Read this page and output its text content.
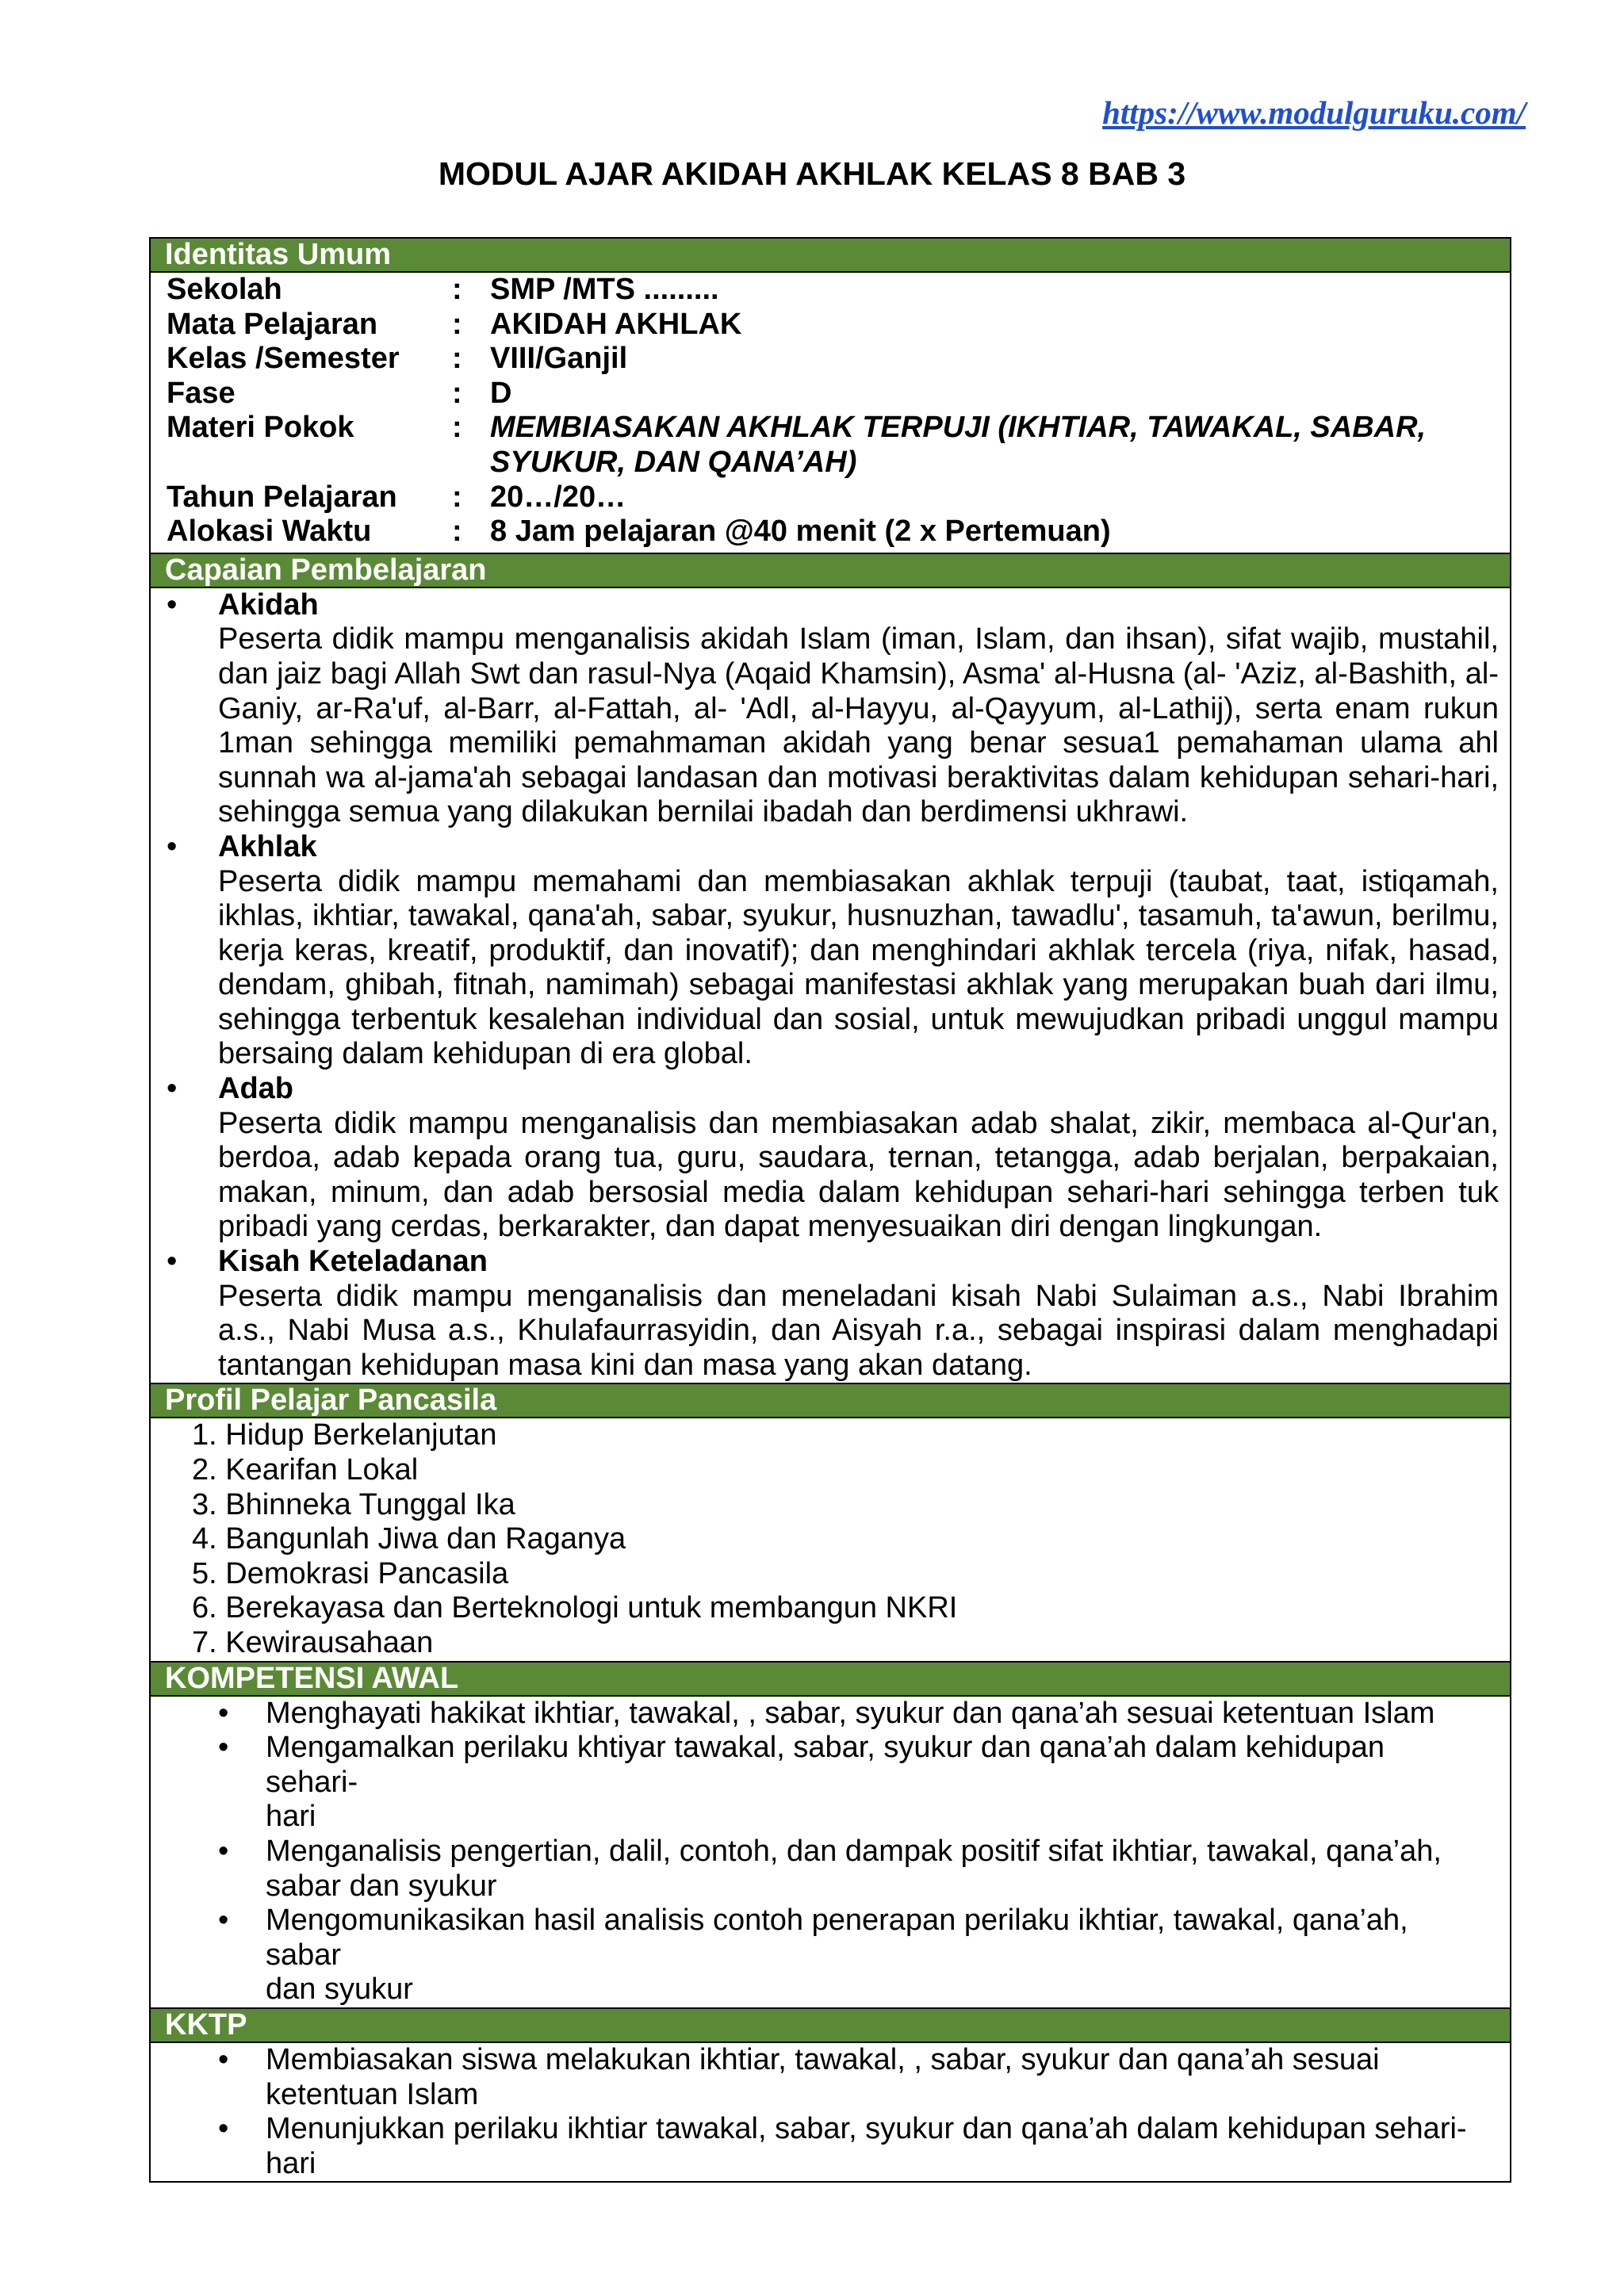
https://www.modulguruku.com/
MODUL AJAR AKIDAH AKHLAK KELAS 8 BAB 3
Identitas Umum
Sekolah	: SMP /MTS .........
Mata Pelajaran	: AKIDAH AKHLAK
Kelas /Semester	: VIII/Ganjil
Fase	: D
Materi Pokok	: MEMBIASAKAN AKHLAK TERPUJI (IKHTIAR, TAWAKAL, SABAR, SYUKUR, DAN QANA’AH)
Tahun Pelajaran	: 20…/20…
Alokasi Waktu	: 8 Jam pelajaran @40 menit (2 x Pertemuan)
Capaian Pembelajaran
• Akidah
Peserta didik mampu menganalisis akidah Islam (iman, Islam, dan ihsan), sifat wajib, mustahil, dan jaiz bagi Allah Swt dan rasul-Nya (Aqaid Khamsin), Asma' al-Husna (al- 'Aziz, al-Bashith, al- Ganiy, ar-Ra'uf, al-Barr, al-Fattah, al- 'Adl, al-Hayyu, al-Qayyum, al-Lathij), serta enam rukun 1man sehingga memiliki pemahmaman akidah yang benar sesua1 pemahaman ulama ahl sunnah wa al-jama'ah sebagai landasan dan motivasi beraktivitas dalam kehidupan sehari-hari, sehingga semua yang dilakukan bernilai ibadah dan berdimensi ukhrawi.
• Akhlak
Peserta didik mampu memahami dan membiasakan akhlak terpuji (taubat, taat, istiqamah, ikhlas, ikhtiar, tawakal, qana'ah, sabar, syukur, husnuzhan, tawadlu', tasamuh, ta'awun, berilmu, kerja keras, kreatif, produktif, dan inovatif); dan menghindari akhlak tercela (riya, nifak, hasad, dendam, ghibah, fitnah, namimah) sebagai manifestasi akhlak yang merupakan buah dari ilmu, sehingga terbentuk kesalehan individual dan sosial, untuk mewujudkan pribadi unggul mampu bersaing dalam kehidupan di era global.
• Adab
Peserta didik mampu menganalisis dan membiasakan adab shalat, zikir, membaca al-Qur'an, berdoa, adab kepada orang tua, guru, saudara, ternan, tetangga, adab berjalan, berpakaian, makan, minum, dan adab bersosial media dalam kehidupan sehari-hari sehingga terben tuk pribadi yang cerdas, berkarakter, dan dapat menyesuaikan diri dengan lingkungan.
• Kisah Keteladanan
Peserta didik mampu menganalisis dan meneladani kisah Nabi Sulaiman a.s., Nabi Ibrahim a.s., Nabi Musa a.s., Khulafaurrasyidin, dan Aisyah r.a., sebagai inspirasi dalam menghadapi tantangan kehidupan masa kini dan masa yang akan datang.
Profil Pelajar Pancasila
1. Hidup Berkelanjutan
2. Kearifan Lokal
3. Bhinneka Tunggal Ika
4. Bangunlah Jiwa dan Raganya
5. Demokrasi Pancasila
6. Berekayasa dan Berteknologi untuk membangun NKRI
7. Kewirausahaan
KOMPETENSI AWAL
• Menghayati hakikat ikhtiar, tawakal, , sabar, syukur dan qana’ah sesuai ketentuan Islam
• Mengamalkan perilaku khtiyar tawakal, sabar, syukur dan qana’ah dalam kehidupan sehari-
hari
• Menganalisis pengertian, dalil, contoh, dan dampak positif sifat ikhtiar, tawakal, qana’ah,
sabar dan syukur
• Mengomunikasikan hasil analisis contoh penerapan perilaku ikhtiar, tawakal, qana’ah, sabar
dan syukur
KKTP
• Membiasakan siswa melakukan ikhtiar, tawakal, , sabar, syukur dan qana’ah sesuai
ketentuan Islam
• Menunjukkan perilaku ikhtiar tawakal, sabar, syukur dan qana’ah dalam kehidupan sehari-
hari
